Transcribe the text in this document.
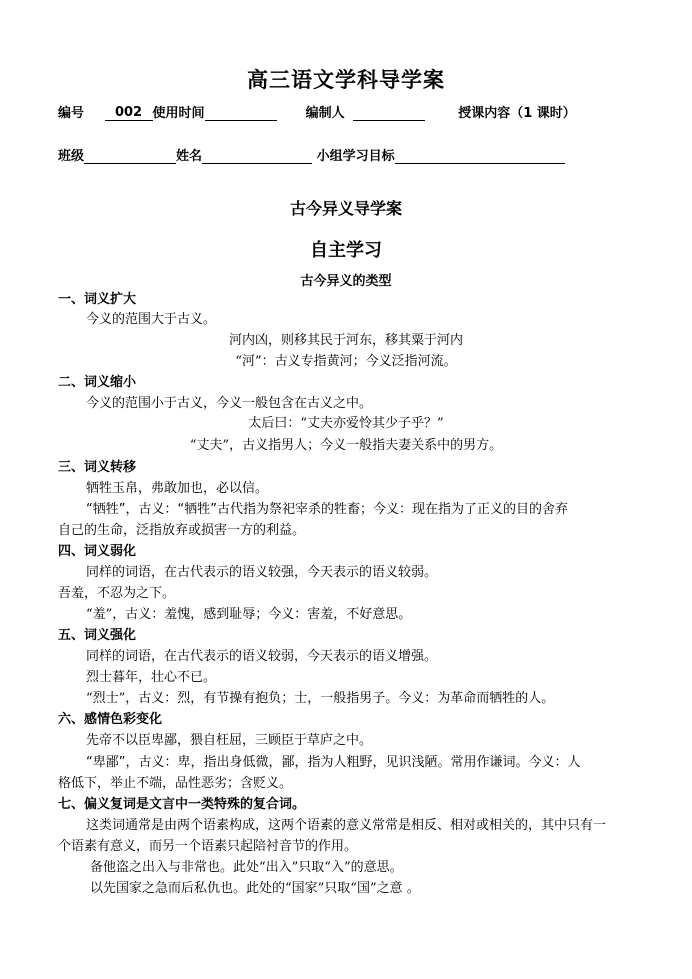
高三语文学科导学案
编号 002 使用时间	编制人	授课内容（1 课时）
班级	姓名	小组学习目标
古今异义导学案
自主学习
古今异义的类型
一、词义扩大
今义的范围大于古义。
河内凶，则移其民于河东，移其粟于河内
“河”：古义专指黄河；今义泛指河流。
二、词义缩小
今义的范围小于古义，今义一般包含在古义之中。
太后曰：“丈夫亦爱怜其少子乎？”
“丈夫”，古义指男人；今义一般指夫妻关系中的男方。
三、词义转移
牺牲玉帛，弗敢加也，必以信。
“牺牲”，古义：“牺牲”古代指为祭祀宰杀的牲畜；今义：现在指为了正义的目的舍弃
自己的生命，泛指放弃或损害一方的利益。
四、词义弱化
同样的词语，在古代表示的语义较强，今天表示的语义较弱。
吾羞，不忍为之下。
“羞”，古义：羞愧，感到耻辱；今义：害羞，不好意思。
五、词义强化
同样的词语，在古代表示的语义较弱，今天表示的语义增强。
烈士暮年，壮心不已。
“烈士”，古义：烈，有节操有抱负；士，一般指男子。今义：为革命而牺牲的人。
六、感情色彩变化
先帝不以臣卑鄙，猥自枉屈，三顾臣于草庐之中。
“卑鄙”，古义：卑，指出身低微，鄙，指为人粗野，见识浅陋。常用作谦词。今义：人
格低下，举止不端，品性恶劣；含贬义。
七、偏义复词是文言中一类特殊的复合词。
这类词通常是由两个语素构成，这两个语素的意义常常是相反、相对或相关的，其中只有一
个语素有意义，而另一个语素只起陪衬音节的作用。
备他盗之出入与非常也。此处“出入”只取“入”的意思。
以先国家之急而后私仇也。此处的“国家”只取“国”之意 。
